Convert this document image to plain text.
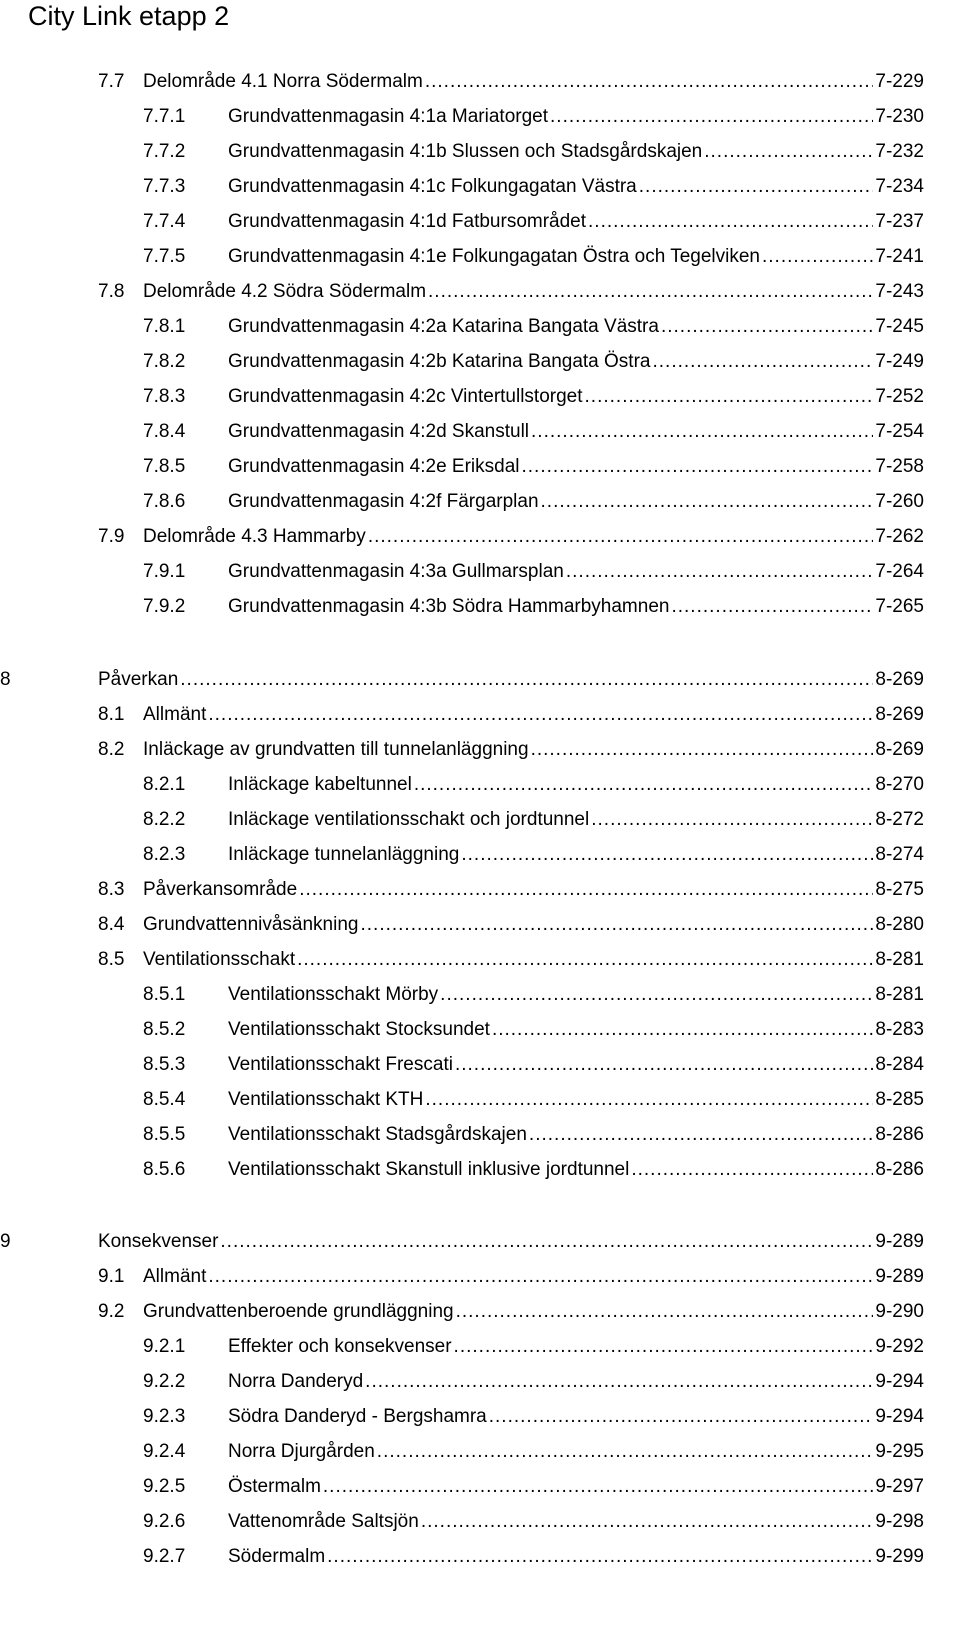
City Link etapp 2
7.7 Delområde 4.1 Norra Södermalm .....	7-229
7.7.1 Grundvattenmagasin 4:1a Mariatorget .....	7-230
7.7.2 Grundvattenmagasin 4:1b Slussen och Stadsgårdskajen .....	7-232
7.7.3 Grundvattenmagasin 4:1c Folkungagatan Västra .....	7-234
7.7.4 Grundvattenmagasin 4:1d Fatbursområdet .....	7-237
7.7.5 Grundvattenmagasin 4:1e Folkungagatan Östra och Tegelviken .....	7-241
7.8 Delområde 4.2 Södra Södermalm .....	7-243
7.8.1 Grundvattenmagasin 4:2a Katarina Bangata Västra .....	7-245
7.8.2 Grundvattenmagasin 4:2b Katarina Bangata Östra .....	7-249
7.8.3 Grundvattenmagasin 4:2c Vintertullstorget .....	7-252
7.8.4 Grundvattenmagasin 4:2d Skanstull .....	7-254
7.8.5 Grundvattenmagasin 4:2e Eriksdal .....	7-258
7.8.6 Grundvattenmagasin 4:2f Färgarplan .....	7-260
7.9 Delområde 4.3 Hammarby .....	7-262
7.9.1 Grundvattenmagasin 4:3a Gullmarsplan .....	7-264
7.9.2 Grundvattenmagasin 4:3b Södra Hammarbyhamnen .....	7-265
8	Påverkan .....	8-269
8.1 Allmänt .....	8-269
8.2 Inläckage av grundvatten till tunnelanläggning .....	8-269
8.2.1 Inläckage kabeltunnel .....	8-270
8.2.2 Inläckage ventilationsschakt och jordtunnel .....	8-272
8.2.3 Inläckage tunnelanläggning .....	8-274
8.3 Påverkansområde .....	8-275
8.4 Grundvattennivåsänkning .....	8-280
8.5 Ventilationsschakt .....	8-281
8.5.1 Ventilationsschakt Mörby .....	8-281
8.5.2 Ventilationsschakt Stocksundet .....	8-283
8.5.3 Ventilationsschakt Frescati .....	8-284
8.5.4 Ventilationsschakt KTH .....	8-285
8.5.5 Ventilationsschakt Stadsgårdskajen .....	8-286
8.5.6 Ventilationsschakt Skanstull inklusive jordtunnel .....	8-286
9	Konsekvenser .....	9-289
9.1 Allmänt .....	9-289
9.2 Grundvattenberoende grundläggning .....	9-290
9.2.1 Effekter och konsekvenser .....	9-292
9.2.2 Norra Danderyd .....	9-294
9.2.3 Södra Danderyd - Bergshamra .....	9-294
9.2.4 Norra Djurgården .....	9-295
9.2.5 Östermalm .....	9-297
9.2.6 Vattenområde Saltsjön .....	9-298
9.2.7 Södermalm .....	9-299
